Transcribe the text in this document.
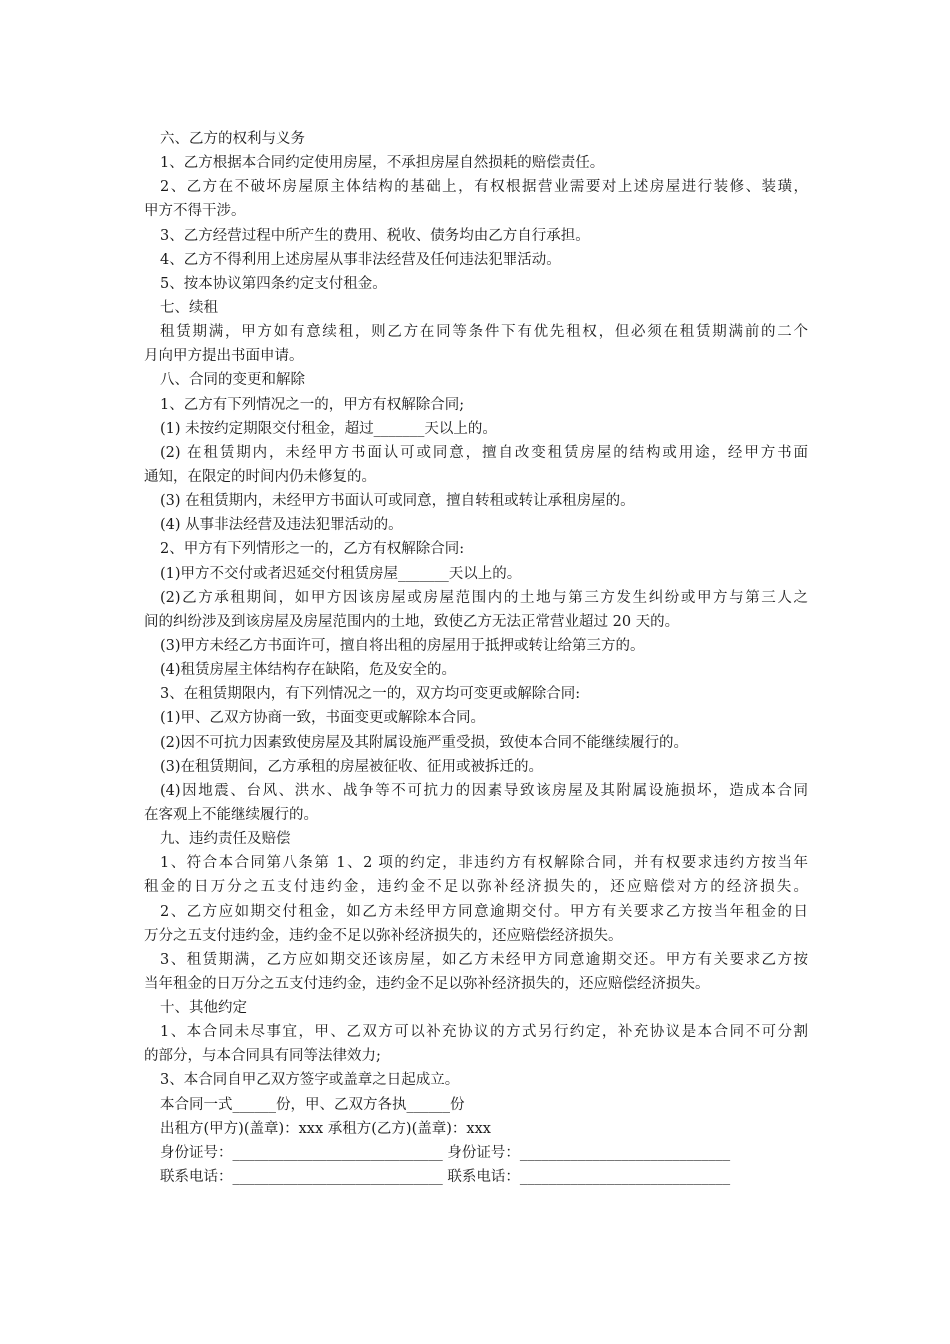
六、乙方的权利与义务
1、乙方根据本合同约定使用房屋，不承担房屋自然损耗的赔偿责任。
2、乙方在不破坏房屋原主体结构的基础上，有权根据营业需要对上述房屋进行装修、装璜，
甲方不得干涉。
3、乙方经营过程中所产生的费用、税收、债务均由乙方自行承担。
4、乙方不得利用上述房屋从事非法经营及任何违法犯罪活动。
5、按本协议第四条约定支付租金。
七、续租
租赁期满，甲方如有意续租，则乙方在同等条件下有优先租权，但必须在租赁期满前的二个
月向甲方提出书面申请。
八、合同的变更和解除
1、乙方有下列情况之一的，甲方有权解除合同;
(1) 未按约定期限交付租金，超过_______天以上的。
(2) 在租赁期内，未经甲方书面认可或同意，擅自改变租赁房屋的结构或用途，经甲方书面
通知，在限定的时间内仍未修复的。
(3) 在租赁期内，未经甲方书面认可或同意，擅自转租或转让承租房屋的。
(4) 从事非法经营及违法犯罪活动的。
2、甲方有下列情形之一的，乙方有权解除合同:
(1)甲方不交付或者迟延交付租赁房屋_______天以上的。
(2)乙方承租期间，如甲方因该房屋或房屋范围内的土地与第三方发生纠纷或甲方与第三人之
间的纠纷涉及到该房屋及房屋范围内的土地，致使乙方无法正常营业超过 20 天的。
(3)甲方未经乙方书面许可，擅自将出租的房屋用于抵押或转让给第三方的。
(4)租赁房屋主体结构存在缺陷，危及安全的。
3、在租赁期限内，有下列情况之一的，双方均可变更或解除合同:
(1)甲、乙双方协商一致，书面变更或解除本合同。
(2)因不可抗力因素致使房屋及其附属设施严重受损，致使本合同不能继续履行的。
(3)在租赁期间，乙方承租的房屋被征收、征用或被拆迁的。
(4)因地震、台风、洪水、战争等不可抗力的因素导致该房屋及其附属设施损坏，造成本合同
在客观上不能继续履行的。
九、违约责任及赔偿
1、符合本合同第八条第 1、2 项的约定，非违约方有权解除合同，并有权要求违约方按当年
租金的日万分之五支付违约金，违约金不足以弥补经济损失的，还应赔偿对方的经济损失。
2、乙方应如期交付租金，如乙方未经甲方同意逾期交付。甲方有关要求乙方按当年租金的日
万分之五支付违约金，违约金不足以弥补经济损失的，还应赔偿经济损失。
3、租赁期满，乙方应如期交还该房屋，如乙方未经甲方同意逾期交还。甲方有关要求乙方按
当年租金的日万分之五支付违约金，违约金不足以弥补经济损失的，还应赔偿经济损失。
十、其他约定
1、本合同未尽事宜，甲、乙双方可以补充协议的方式另行约定，补充协议是本合同不可分割
的部分，与本合同具有同等法律效力;
3、本合同自甲乙双方签字或盖章之日起成立。
本合同一式______份，甲、乙双方各执______份
出租方(甲方)(盖章)：xxx 承租方(乙方)(盖章)：xxx
身份证号：_____________________________ 身份证号：_____________________________
联系电话：_____________________________ 联系电话：_____________________________
